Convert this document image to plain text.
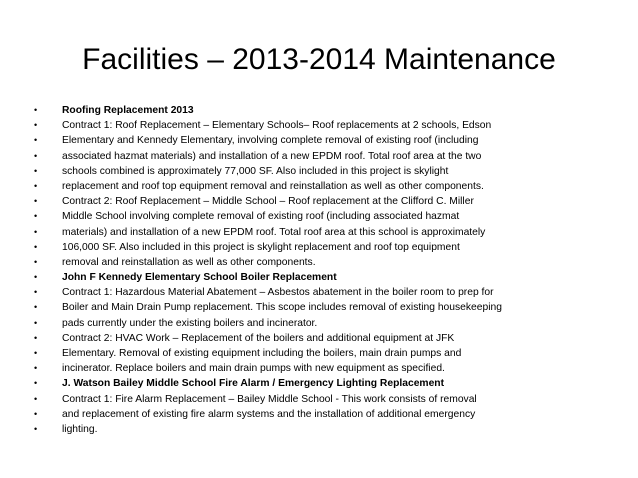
Facilities – 2013-2014 Maintenance
• Roofing Replacement 2013
• Contract 1: Roof Replacement – Elementary Schools– Roof replacements at 2 schools, Edson
• Elementary and Kennedy Elementary, involving complete removal of existing roof (including
• associated hazmat materials) and installation of a new EPDM roof. Total roof area at the two
• schools combined is approximately 77,000 SF. Also included in this project is skylight
• replacement and roof top equipment removal and reinstallation as well as other components.
• Contract 2: Roof Replacement – Middle School – Roof replacement at the Clifford C. Miller
• Middle School involving complete removal of existing roof (including associated hazmat
• materials) and installation of a new EPDM roof. Total roof area at this school is approximately
• 106,000 SF. Also included in this project is skylight replacement and roof top equipment
• removal and reinstallation as well as other components.
• John F Kennedy Elementary School Boiler Replacement
• Contract 1: Hazardous Material Abatement – Asbestos abatement in the boiler room to prep for
• Boiler and Main Drain Pump replacement. This scope includes removal of existing housekeeping
• pads currently under the existing boilers and incinerator.
• Contract 2: HVAC Work – Replacement of the boilers and additional equipment at JFK
• Elementary. Removal of existing equipment including the boilers, main drain pumps and
• incinerator. Replace boilers and main drain pumps with new equipment as specified.
• J. Watson Bailey Middle School Fire Alarm / Emergency Lighting Replacement
• Contract 1: Fire Alarm Replacement – Bailey Middle School - This work consists of removal
• and replacement of existing fire alarm systems and the installation of additional emergency
• lighting.
